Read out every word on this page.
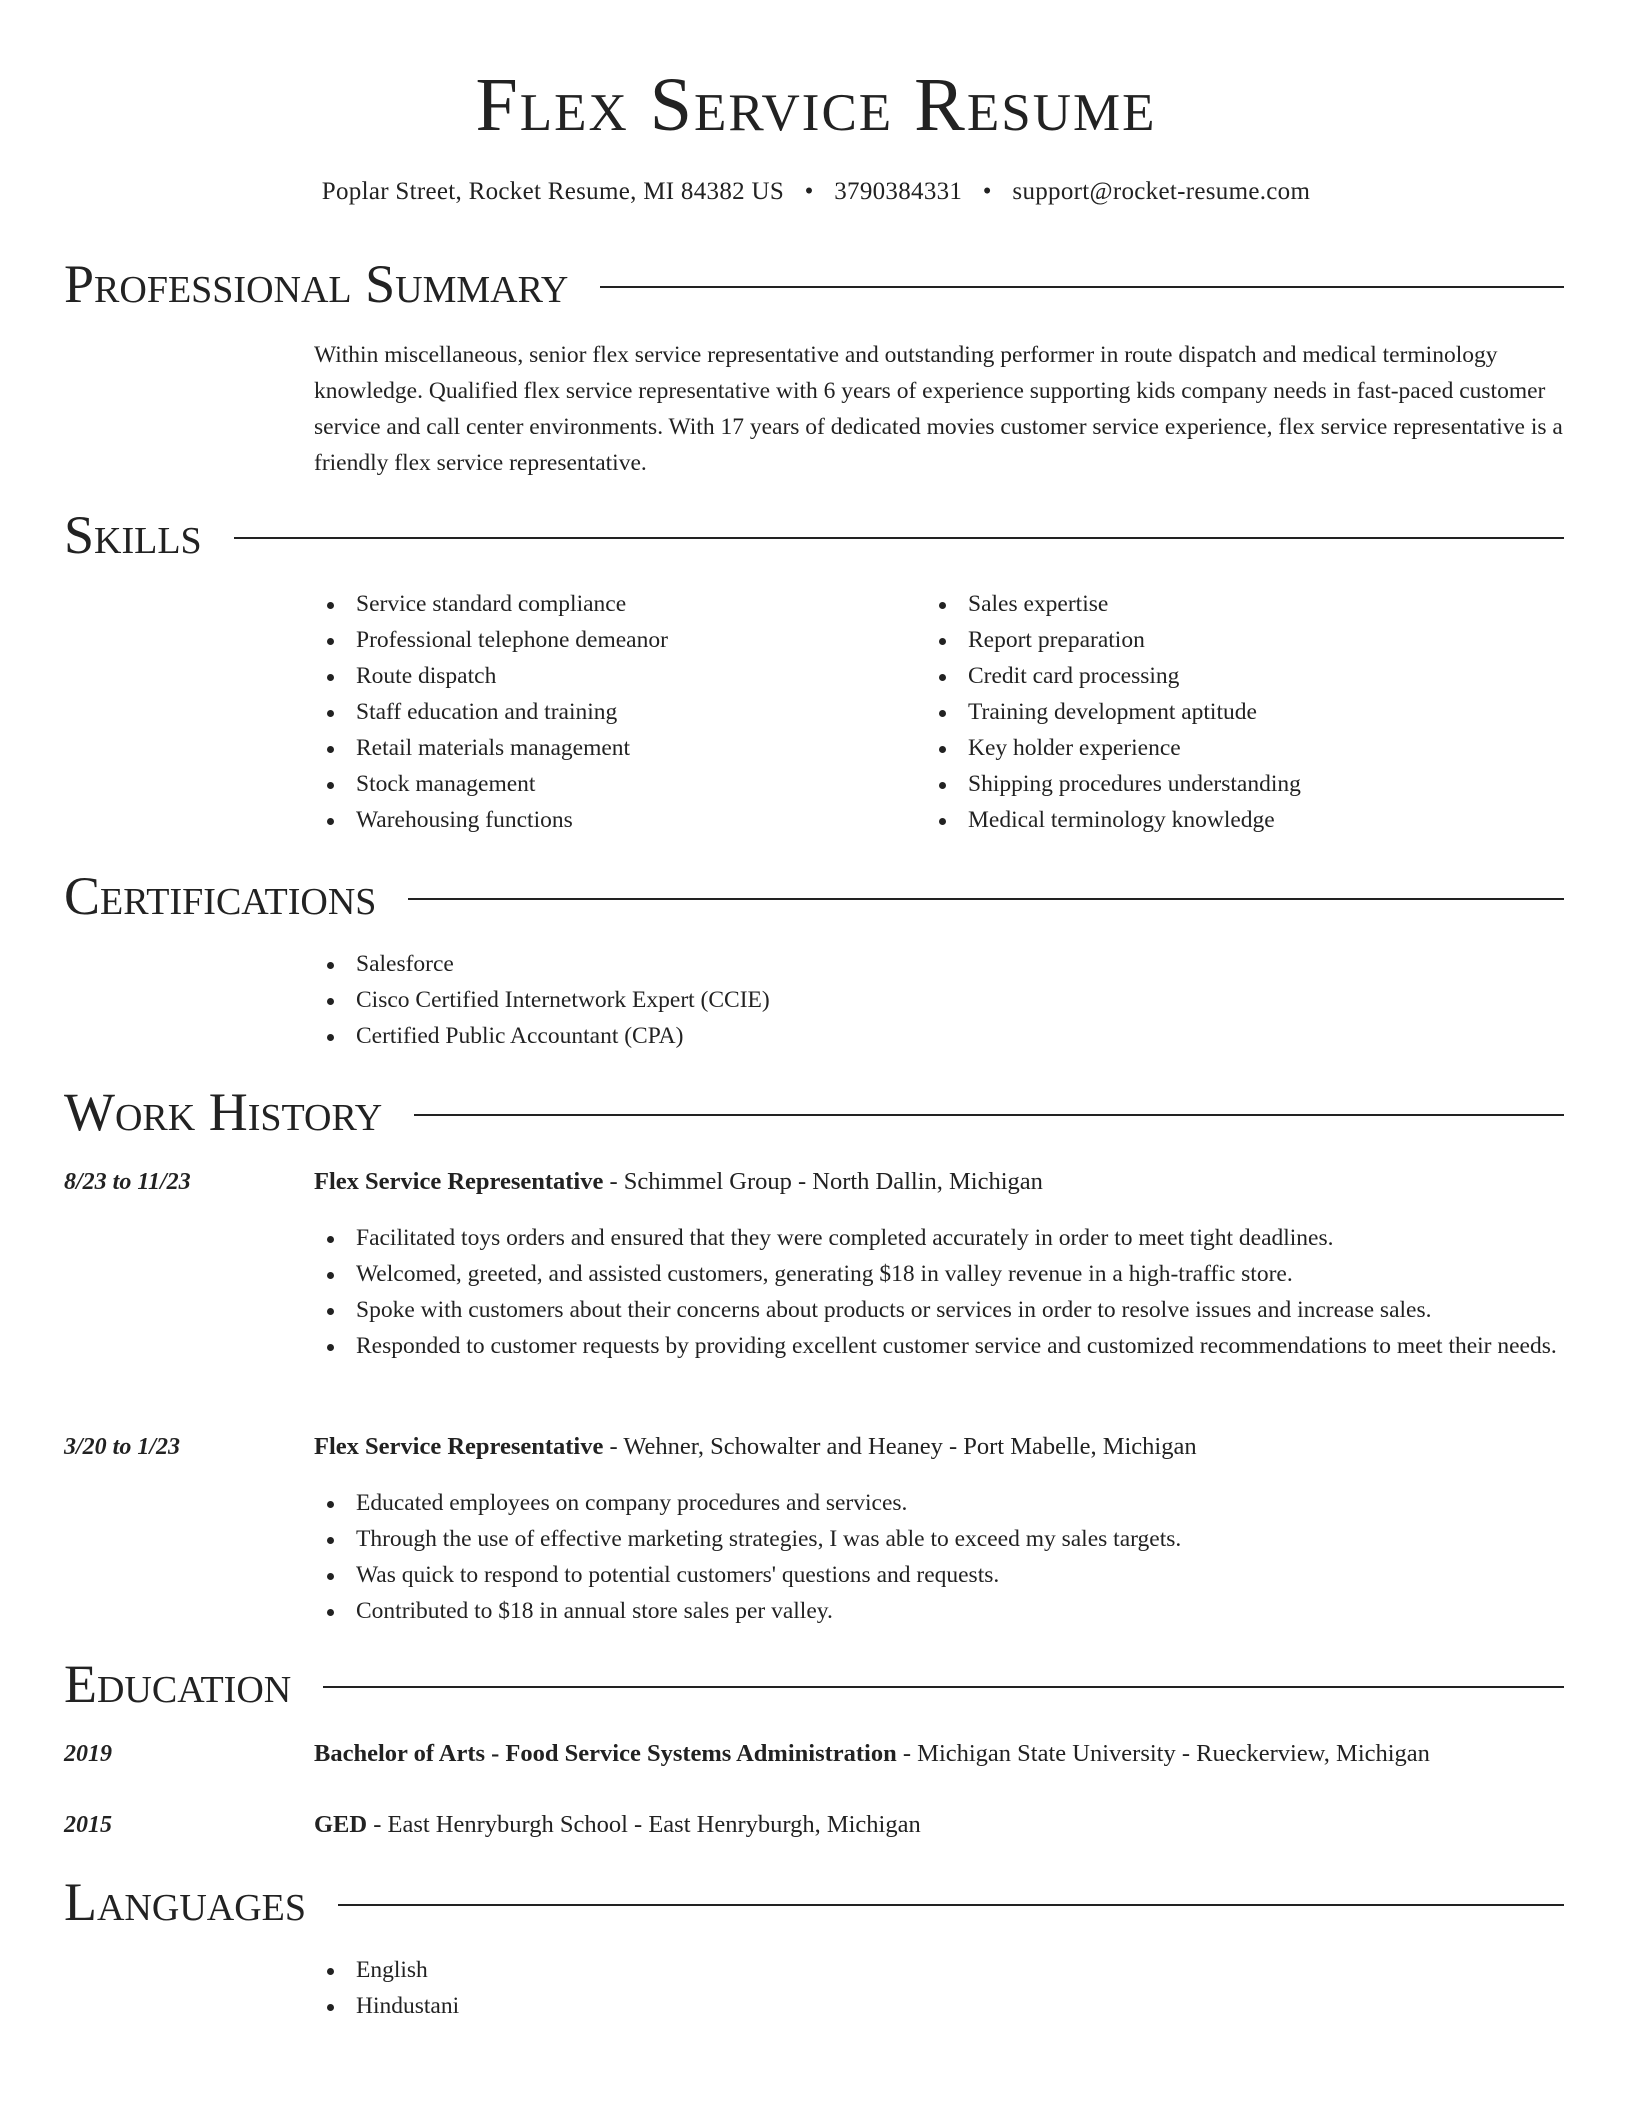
Flex Service Resume
Poplar Street, Rocket Resume, MI 84382 US • 3790384331 • support@rocket-resume.com
Professional Summary
Within miscellaneous, senior flex service representative and outstanding performer in route dispatch and medical terminology knowledge. Qualified flex service representative with 6 years of experience supporting kids company needs in fast-paced customer service and call center environments. With 17 years of dedicated movies customer service experience, flex service representative is a friendly flex service representative.
Skills
Service standard compliance
Professional telephone demeanor
Route dispatch
Staff education and training
Retail materials management
Stock management
Warehousing functions
Sales expertise
Report preparation
Credit card processing
Training development aptitude
Key holder experience
Shipping procedures understanding
Medical terminology knowledge
Certifications
Salesforce
Cisco Certified Internetwork Expert (CCIE)
Certified Public Accountant (CPA)
Work History
8/23 to 11/23	Flex Service Representative - Schimmel Group - North Dallin, Michigan
Facilitated toys orders and ensured that they were completed accurately in order to meet tight deadlines.
Welcomed, greeted, and assisted customers, generating $18 in valley revenue in a high-traffic store.
Spoke with customers about their concerns about products or services in order to resolve issues and increase sales.
Responded to customer requests by providing excellent customer service and customized recommendations to meet their needs.
3/20 to 1/23	Flex Service Representative - Wehner, Schowalter and Heaney - Port Mabelle, Michigan
Educated employees on company procedures and services.
Through the use of effective marketing strategies, I was able to exceed my sales targets.
Was quick to respond to potential customers' questions and requests.
Contributed to $18 in annual store sales per valley.
Education
2019	Bachelor of Arts - Food Service Systems Administration - Michigan State University - Rueckerview, Michigan
2015	GED - East Henryburgh School - East Henryburgh, Michigan
Languages
English
Hindustani
